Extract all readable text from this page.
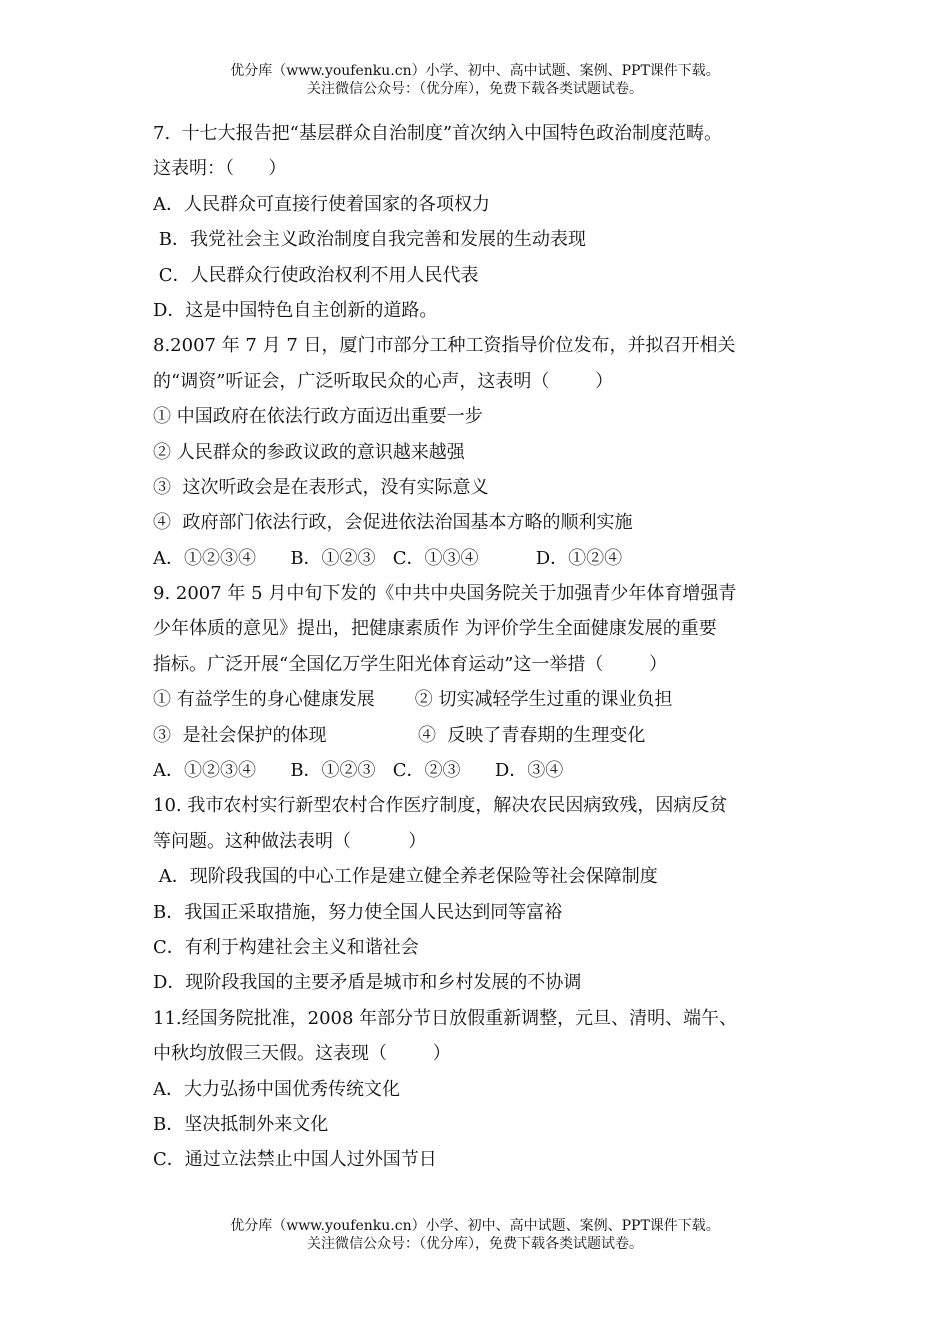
优分库（www.youfenku.cn）小学、初中、高中试题、案例、PPT课件下载。
关注微信公众号：（优分库），免费下载各类试题试卷。
7.  十七大报告把“基层群众自治制度”首次纳入中国特色政治制度范畴。
这表明：（      ）
A．人民群众可直接行使着国家的各项权力
B．我党社会主义政治制度自我完善和发展的生动表现
C．人民群众行使政治权利不用人民代表
D．这是中国特色自主创新的道路。
8.2007 年 7 月 7 日，厦门市部分工种工资指导价位发布，并拟召开相关
的“调资”听证会，广泛听取民众的心声，这表明（        ）
① 中国政府在依法行政方面迈出重要一步
② 人民群众的参政议政的意识越来越强
③  这次听政会是在表形式，没有实际意义
④  政府部门依法行政，会促进依法治国基本方略的顺利实施
A．①②③④      B．①②③   C．①③④          D．①②④
9. 2007 年 5 月中旬下发的《中共中央国务院关于加强青少年体育增强青
少年体质的意见》提出，把健康素质作 为评价学生全面健康发展的重要
指标。广泛开展“全国亿万学生阳光体育运动”这一举措（        ）
① 有益学生的身心健康发展       ② 切实减轻学生过重的课业负担
③  是社会保护的体现                ④  反映了青春期的生理变化
A．①②③④      B．①②③   C．②③      D．③④
10. 我市农村实行新型农村合作医疗制度，解决农民因病致残，因病反贫
等问题。这种做法表明（          ）
A．现阶段我国的中心工作是建立健全养老保险等社会保障制度
B．我国正采取措施，努力使全国人民达到同等富裕
C．有利于构建社会主义和谐社会
D．现阶段我国的主要矛盾是城市和乡村发展的不协调
11.经国务院批准，2008 年部分节日放假重新调整，元旦、清明、端午、
中秋均放假三天假。这表现（        ）
A．大力弘扬中国优秀传统文化
B．坚决抵制外来文化
C．通过立法禁止中国人过外国节日
优分库（www.youfenku.cn）小学、初中、高中试题、案例、PPT课件下载。
关注微信公众号：（优分库），免费下载各类试题试卷。
